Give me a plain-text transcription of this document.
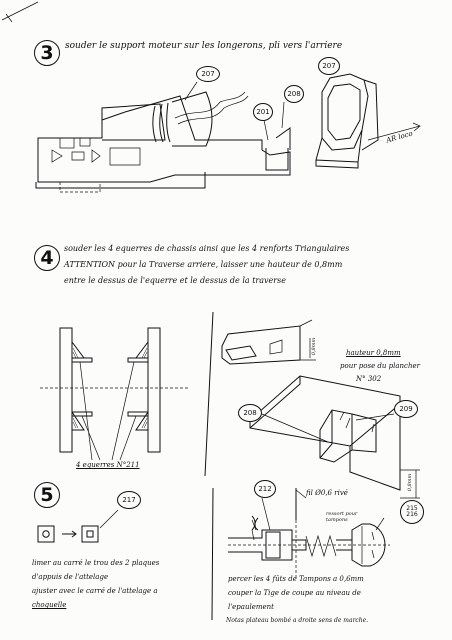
3	souder le support moteur sur les longerons, pli vers l'arriere
207
208
201
207
AR loco
4	souder les 4 equerres de chassis ainsi que les 4 renforts Triangulaires
ATTENTION pour la Traverse arriere, laisser une hauteur de 0,8mm
entre le dessus de l'equerre et le dessus de la traverse
4 equerres N°211
hauteur 0,8mm
pour pose du plancher
N° 302
0,8mm
0,8mm
208	209
5	217
limer au carré le trou des 2 plaques
d'appuis de l'attelage
ajuster avec le carré de l'attelage a
choquelle
fil Ø0,6 rivé
212
215 216
ressort pour tampons
percer les 4 fûts de Tampons a 0,6mm
couper la Tige de coupe au niveau de
l'epaulement
Notas plateau bombé a droite sens de marche.
